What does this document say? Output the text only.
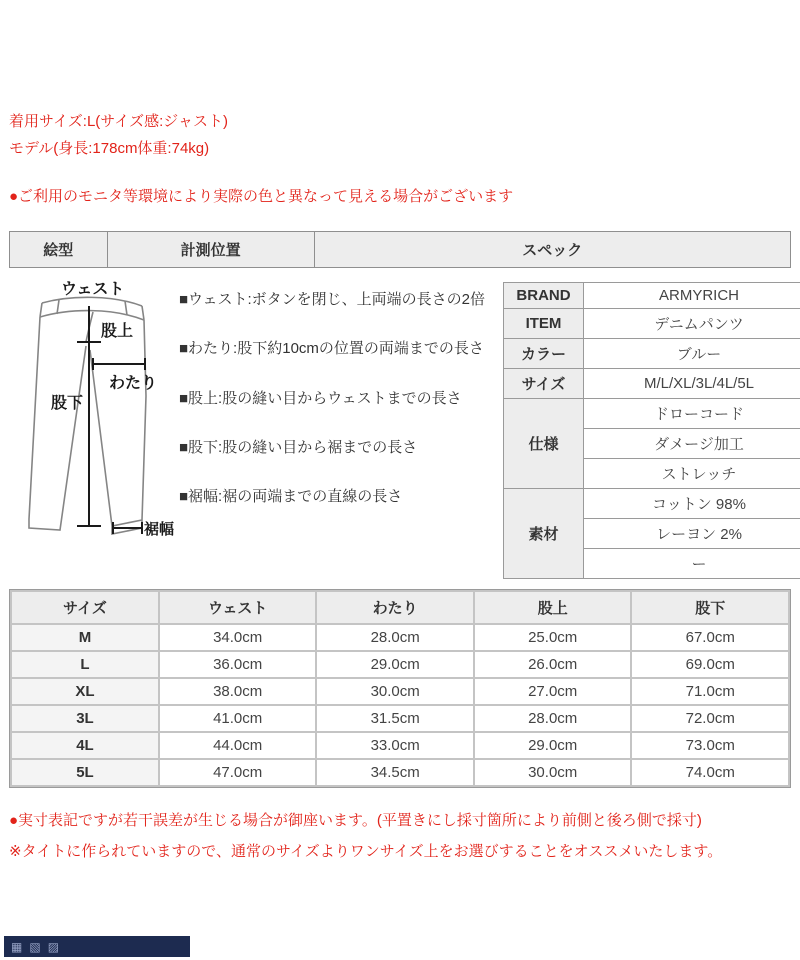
着用サイズ:L(サイズ感:ジャスト)
モデル(身長:178cm体重:74kg)
●ご利用のモニタ等環境により実際の色と異なって見える場合がございます
絵型	計測位置	スペック
ウェスト
股上
わたり
股下
裾幅
■ウェスト:ボタンを閉じ、上両端の長さの2倍
■わたり:股下約10cmの位置の両端までの長さ
■股上:股の縫い目からウェストまでの長さ
■股下:股の縫い目から裾までの長さ
■裾幅:裾の両端までの直線の長さ
BRAND	ARMYRICH
ITEM	デニムパンツ
カラー	ブルー
サイズ	M/L/XL/3L/4L/5L
仕様	ドローコード
	ダメージ加工
	ストレッチ
素材	コットン 98%
	レーヨン 2%
	ー
サイズ	ウェスト	わたり	股上	股下
M	34.0cm	28.0cm	25.0cm	67.0cm
L	36.0cm	29.0cm	26.0cm	69.0cm
XL	38.0cm	30.0cm	27.0cm	71.0cm
3L	41.0cm	31.5cm	28.0cm	72.0cm
4L	44.0cm	33.0cm	29.0cm	73.0cm
5L	47.0cm	34.5cm	30.0cm	74.0cm
●実寸表記ですが若干誤差が生じる場合が御座います。(平置きにし採寸箇所により前側と後ろ側で採寸)
※タイトに作られていますので、通常のサイズよりワンサイズ上をお選びすることをオススメいたします。
▦ ▧ ▨
